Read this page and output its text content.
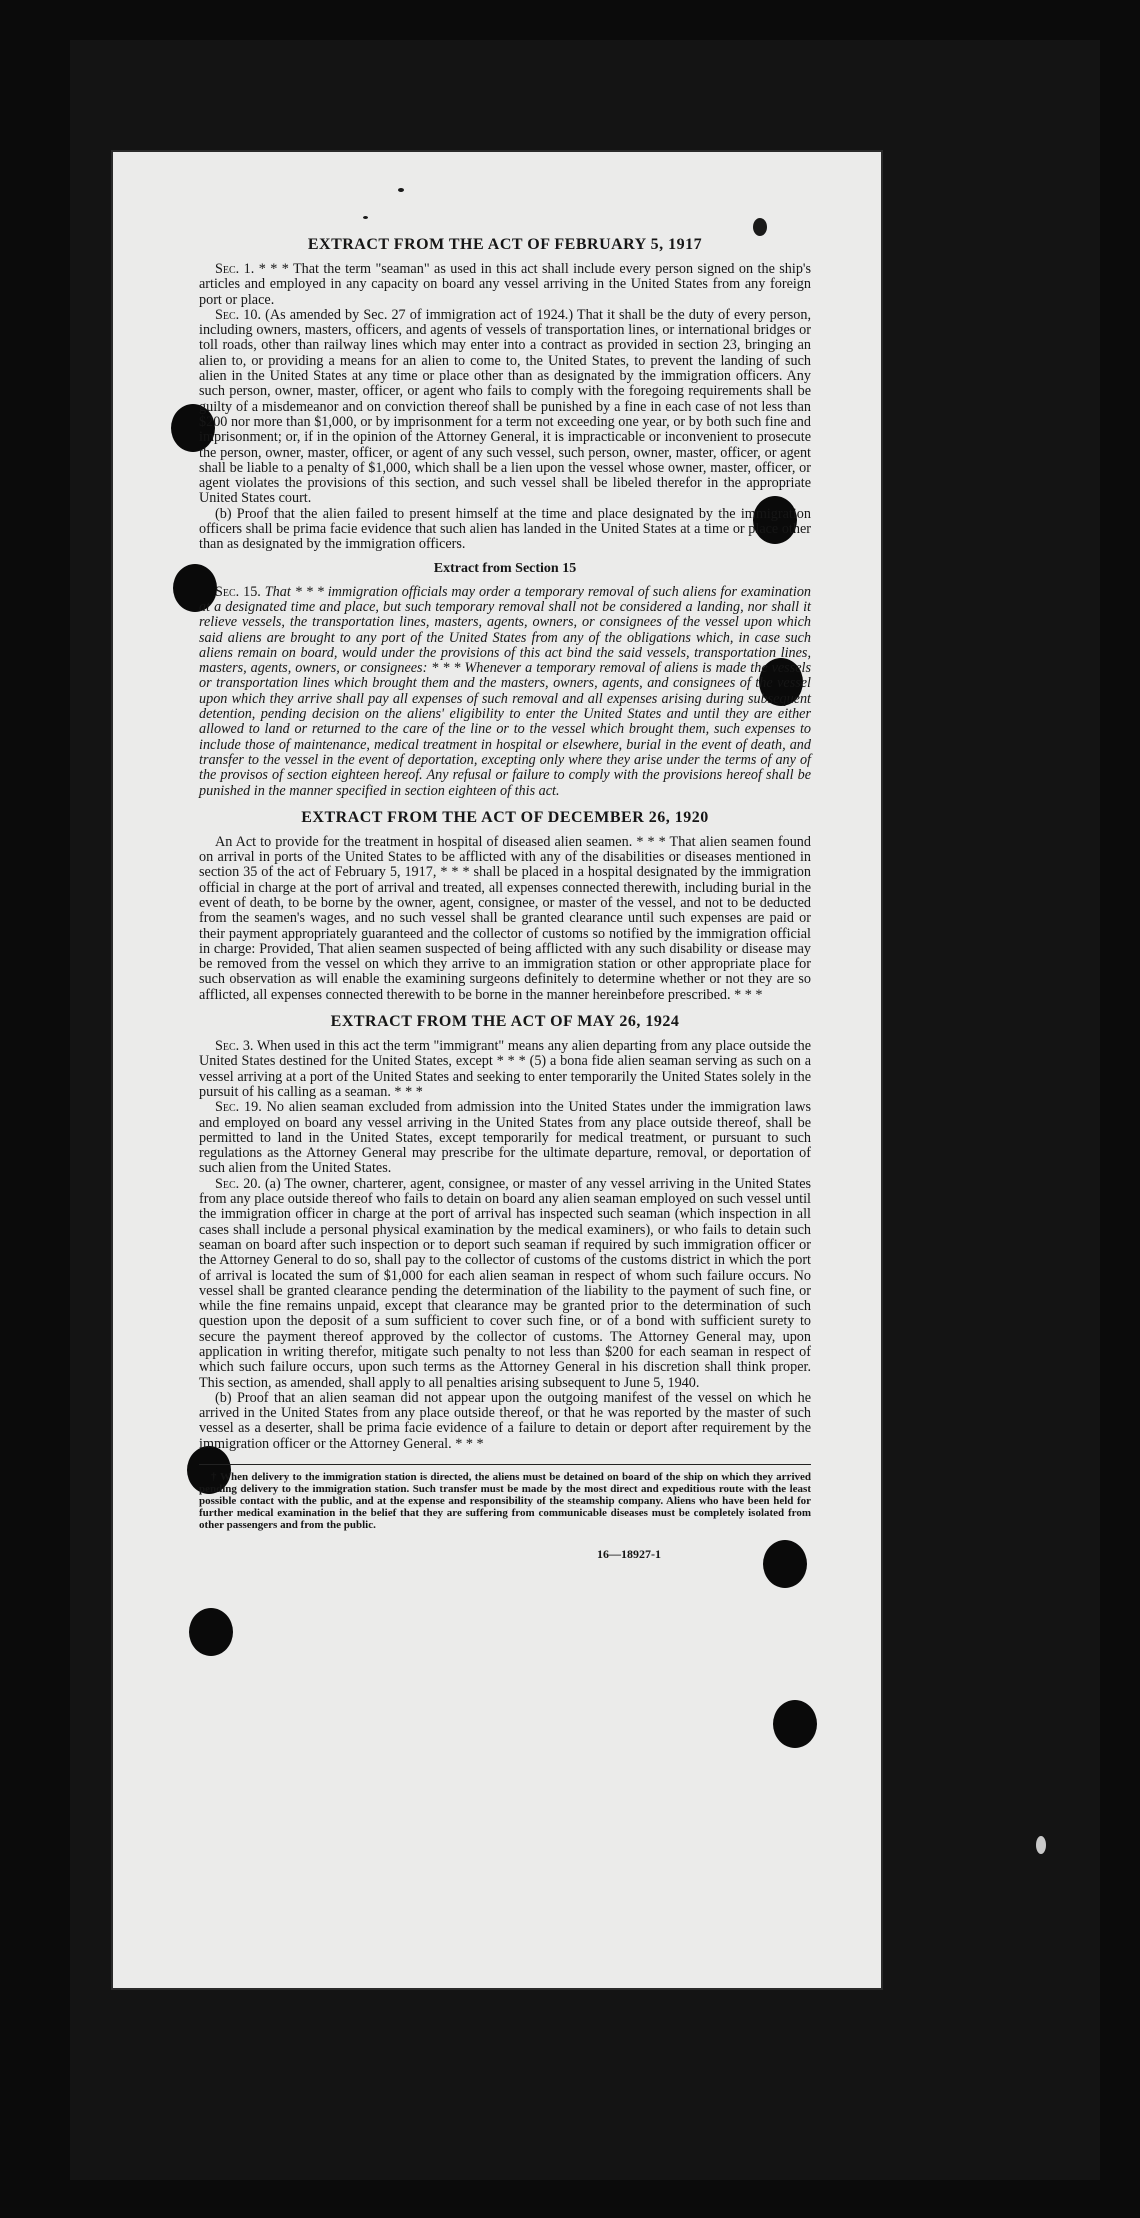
EXTRACT FROM THE ACT OF FEBRUARY 5, 1917

Sec. 1. * * * That the term "seaman" as used in this act shall include every person signed on the ship's articles and employed in any capacity on board any vessel arriving in the United States from any foreign port or place.

Sec. 10. (As amended by Sec. 27 of immigration act of 1924.) That it shall be the duty of every person, including owners, masters, officers, and agents of vessels of transportation lines, or international bridges or toll roads, other than railway lines which may enter into a contract as provided in section 23, bringing an alien to, or providing a means for an alien to come to, the United States, to prevent the landing of such alien in the United States at any time or place other than as designated by the immigration officers. Any such person, owner, master, officer, or agent who fails to comply with the foregoing requirements shall be guilty of a misdemeanor and on conviction thereof shall be punished by a fine in each case of not less than $200 nor more than $1,000, or by imprisonment for a term not exceeding one year, or by both such fine and imprisonment; or, if in the opinion of the Attorney General, it is impracticable or inconvenient to prosecute the person, owner, master, officer, or agent of any such vessel, such person, owner, master, officer, or agent shall be liable to a penalty of $1,000, which shall be a lien upon the vessel whose owner, master, officer, or agent violates the provisions of this section, and such vessel shall be libeled therefor in the appropriate United States court.

(b) Proof that the alien failed to present himself at the time and place designated by the immigration officers shall be prima facie evidence that such alien has landed in the United States at a time or place other than as designated by the immigration officers.

Extract from Section 15

Sec. 15. That * * * immigration officials may order a temporary removal of such aliens for examination at a designated time and place, but such temporary removal shall not be considered a landing, nor shall it relieve vessels, the transportation lines, masters, agents, owners, or consignees of the vessel upon which said aliens are brought to any port of the United States from any of the obligations which, in case such aliens remain on board, would under the provisions of this act bind the said vessels, transportation lines, masters, agents, owners, or consignees: * * * Whenever a temporary removal of aliens is made the vessels or transportation lines which brought them and the masters, owners, agents, and consignees of the vessel upon which they arrive shall pay all expenses of such removal and all expenses arising during subsequent detention, pending decision on the aliens' eligibility to enter the United States and until they are either allowed to land or returned to the care of the line or to the vessel which brought them, such expenses to include those of maintenance, medical treatment in hospital or elsewhere, burial in the event of death, and transfer to the vessel in the event of deportation, excepting only where they arise under the terms of any of the provisos of section eighteen hereof. Any refusal or failure to comply with the provisions hereof shall be punished in the manner specified in section eighteen of this act.

EXTRACT FROM THE ACT OF DECEMBER 26, 1920

An Act to provide for the treatment in hospital of diseased alien seamen. * * * That alien seamen found on arrival in ports of the United States to be afflicted with any of the disabilities or diseases mentioned in section 35 of the act of February 5, 1917, * * * shall be placed in a hospital designated by the immigration official in charge at the port of arrival and treated, all expenses connected therewith, including burial in the event of death, to be borne by the owner, agent, consignee, or master of the vessel, and not to be deducted from the seamen's wages, and no such vessel shall be granted clearance until such expenses are paid or their payment appropriately guaranteed and the collector of customs so notified by the immigration official in charge: Provided, That alien seamen suspected of being afflicted with any such disability or disease may be removed from the vessel on which they arrive to an immigration station or other appropriate place for such observation as will enable the examining surgeons definitely to determine whether or not they are so afflicted, all expenses connected therewith to be borne in the manner hereinbefore prescribed. * * *

EXTRACT FROM THE ACT OF MAY 26, 1924

Sec. 3. When used in this act the term "immigrant" means any alien departing from any place outside the United States destined for the United States, except * * * (5) a bona fide alien seaman serving as such on a vessel arriving at a port of the United States and seeking to enter temporarily the United States solely in the pursuit of his calling as a seaman. * * *

Sec. 19. No alien seaman excluded from admission into the United States under the immigration laws and employed on board any vessel arriving in the United States from any place outside thereof, shall be permitted to land in the United States, except temporarily for medical treatment, or pursuant to such regulations as the Attorney General may prescribe for the ultimate departure, removal, or deportation of such alien from the United States.

Sec. 20. (a) The owner, charterer, agent, consignee, or master of any vessel arriving in the United States from any place outside thereof who fails to detain on board any alien seaman employed on such vessel until the immigration officer in charge at the port of arrival has inspected such seaman (which inspection in all cases shall include a personal physical examination by the medical examiners), or who fails to detain such seaman on board after such inspection or to deport such seaman if required by such immigration officer or the Attorney General to do so, shall pay to the collector of customs of the customs district in which the port of arrival is located the sum of $1,000 for each alien seaman in respect of whom such failure occurs. No vessel shall be granted clearance pending the determination of the liability to the payment of such fine, or while the fine remains unpaid, except that clearance may be granted prior to the determination of such question upon the deposit of a sum sufficient to cover such fine, or of a bond with sufficient surety to secure the payment thereof approved by the collector of customs. The Attorney General may, upon application in writing therefor, mitigate such penalty to not less than $200 for each seaman in respect of which such failure occurs, upon such terms as the Attorney General in his discretion shall think proper. This section, as amended, shall apply to all penalties arising subsequent to June 5, 1940.

(b) Proof that an alien seaman did not appear upon the outgoing manifest of the vessel on which he arrived in the United States from any place outside thereof, or that he was reported by the master of such vessel as a deserter, shall be prima facie evidence of a failure to detain or deport after requirement by the immigration officer or the Attorney General. * * *

† When delivery to the immigration station is directed, the aliens must be detained on board of the ship on which they arrived pending delivery to the immigration station. Such transfer must be made by the most direct and expeditious route with the least possible contact with the public, and at the expense and responsibility of the steamship company. Aliens who have been held for further medical examination in the belief that they are suffering from communicable diseases must be completely isolated from other passengers and from the public.

16—18927-1
